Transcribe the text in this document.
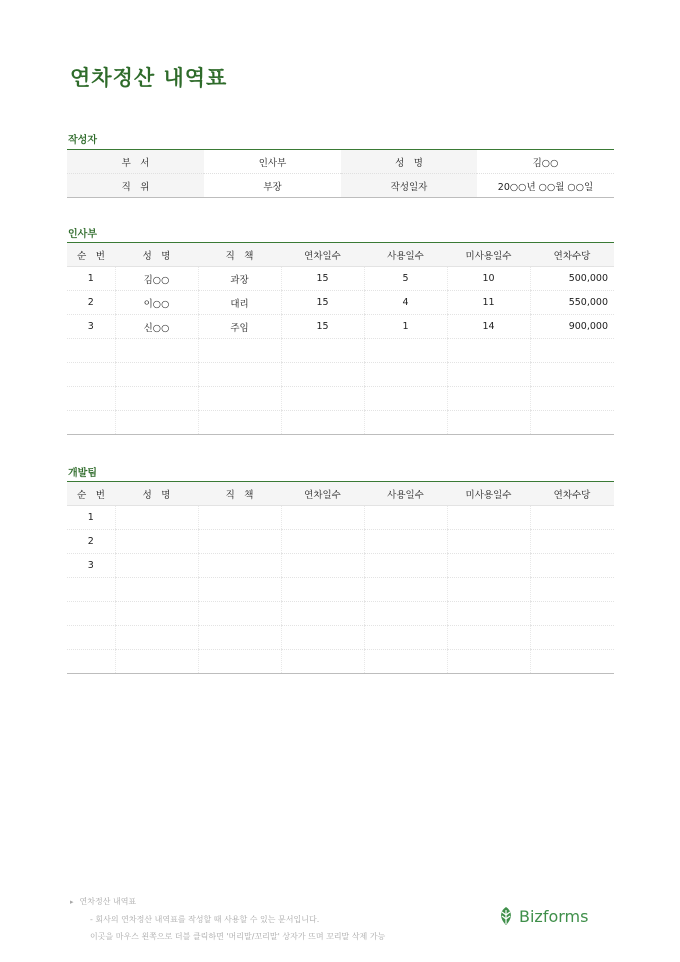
연차정산 내역표
작성자
부　서	인사부	성　명	김○○
직　위	부장	작성일자	20○○년 ○○월 ○○일
인사부
순　번	성　명	직　책	연차일수	사용일수	미사용일수	연차수당
1	김○○	과장	15	5	10	500,000
2	이○○	대리	15	4	11	550,000
3	신○○	주임	15	1	14	900,000

개발팀
순　번	성　명	직　책	연차일수	사용일수	미사용일수	연차수당
1						
2						
3						

▸ 연차정산 내역표
- 회사의 연차정산 내역표를 작성할 때 사용할 수 있는 문서입니다.
이곳을 마우스 왼쪽으로 더블 클릭하면 '머리말/꼬리말' 상자가 뜨며 꼬리말 삭제 가능
Bizforms
